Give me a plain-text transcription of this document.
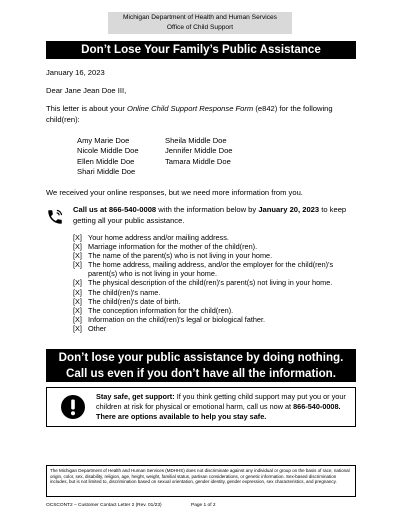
Michigan Department of Health and Human Services
Office of Child Support
Don’t Lose Your Family’s Public Assistance
January 16, 2023
Dear Jane Jean Doe III,
This letter is about your Online Child Support Response Form (e842) for the following child(ren):
Amy Marie Doe
Nicole Middle Doe
Ellen Middle Doe
Shari Middle Doe
Sheila Middle Doe
Jennifer Middle Doe
Tamara Middle Doe
We received your online responses, but we need more information from you.
Call us at 866-540-0008 with the information below by January 20, 2023 to keep getting all your public assistance.
[X] Your home address and/or mailing address.
[X] Marriage information for the mother of the child(ren).
[X] The name of the parent(s) who is not living in your home.
[X] The home address, mailing address, and/or the employer for the child(ren)'s parent(s) who is not living in your home.
[X] The physical description of the child(ren)'s parent(s) not living in your home.
[X] The child(ren)'s name.
[X] The child(ren)'s date of birth.
[X] The conception information for the child(ren).
[X] Information on the child(ren)'s legal or biological father.
[X] Other
Don’t lose your public assistance by doing nothing.
Call us even if you don’t have all the information.
Stay safe, get support: If you think getting child support may put you or your children at risk for physical or emotional harm, call us now at 866-540-0008. There are options available to help you stay safe.
The Michigan Department of Health and Human Services (MDHHS) does not discriminate against any individual or group on the basis of race, national origin, color, sex, disability, religion, age, height, weight, familial status, partisan considerations, or genetic information. Sex-based discrimination includes, but is not limited to, discrimination based on sexual orientation, gender identity, gender expression, sex characteristics, and pregnancy.
OCSCONT2 – Customer Contact Letter 2 (Rev. 01/23)	Page 1 of 2
